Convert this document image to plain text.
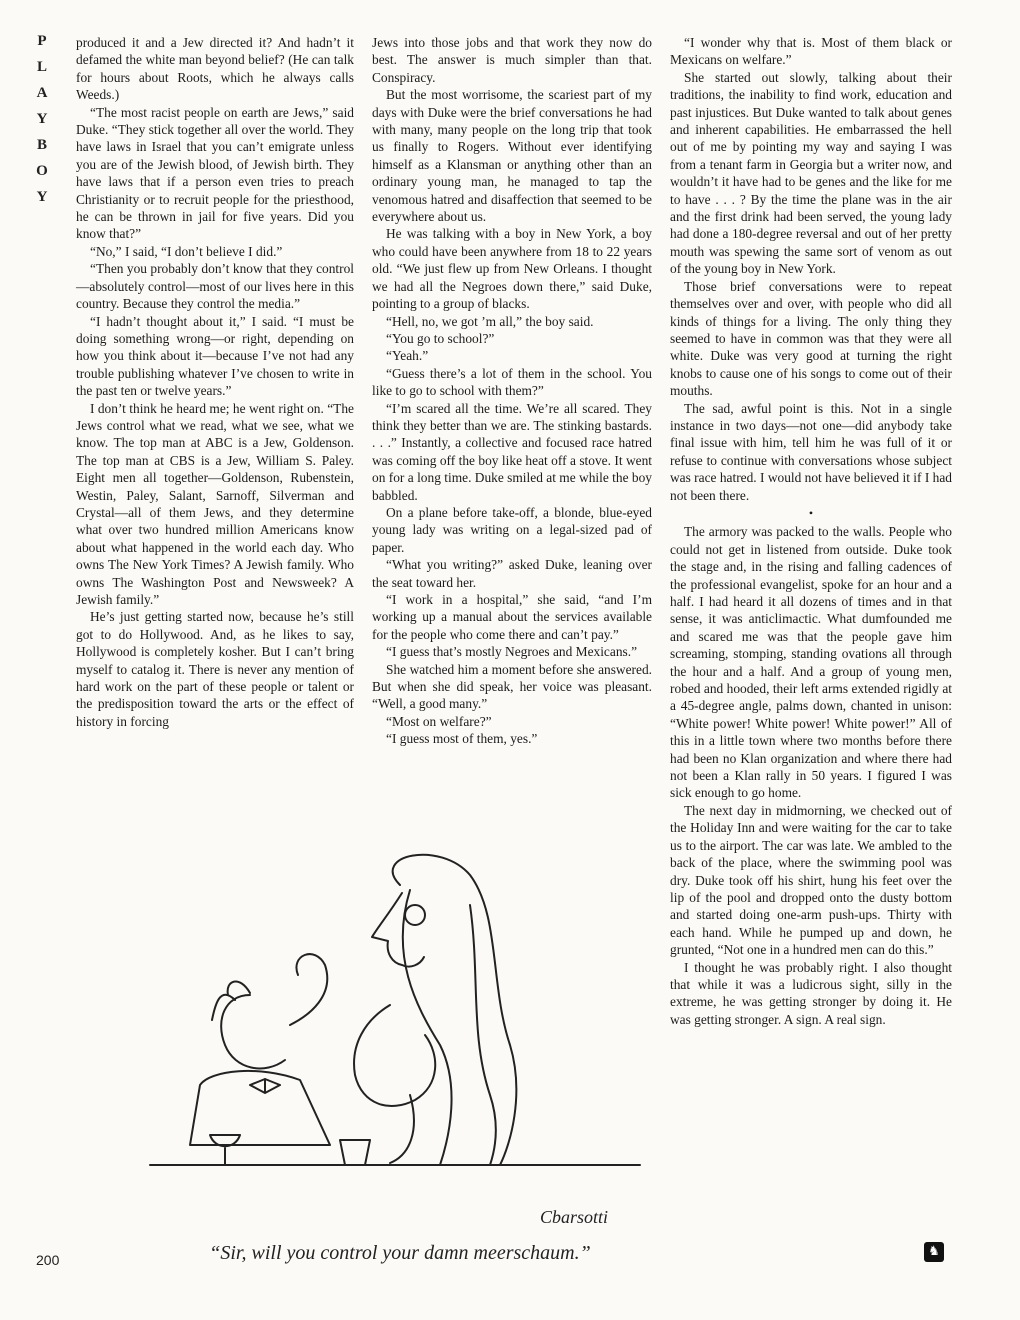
P
L
A
Y
B
O
Y

produced it and a Jew directed it? And hadn’t it defamed the white man beyond belief? (He can talk for hours about Roots, which he always calls Weeds.)

“The most racist people on earth are Jews,” said Duke. “They stick together all over the world. They have laws in Israel that you can’t emigrate unless you are of the Jewish blood, of Jewish birth. They have laws that if a person even tries to preach Christianity or to recruit people for the priesthood, he can be thrown in jail for five years. Did you know that?”

“No,” I said, “I don’t believe I did.”

“Then you probably don’t know that they control—absolutely control—most of our lives here in this country. Because they control the media.”

“I hadn’t thought about it,” I said. “I must be doing something wrong—or right, depending on how you think about it—because I’ve not had any trouble publishing whatever I’ve chosen to write in the past ten or twelve years.”

I don’t think he heard me; he went right on. “The Jews control what we read, what we see, what we know. The top man at ABC is a Jew, Goldenson. The top man at CBS is a Jew, William S. Paley. Eight men all together—Goldenson, Rubenstein, Westin, Paley, Salant, Sarnoff, Silverman and Crystal—all of them Jews, and they determine what over two hundred million Americans know about what happened in the world each day. Who owns The New York Times? A Jewish family. Who owns The Washington Post and Newsweek? A Jewish family.”

He’s just getting started now, because he’s still got to do Hollywood. And, as he likes to say, Hollywood is completely kosher. But I can’t bring myself to catalog it. There is never any mention of hard work on the part of these people or talent or the predisposition toward the arts or the effect of history in forcing

Jews into those jobs and that work they now do best. The answer is much simpler than that. Conspiracy.

But the most worrisome, the scariest part of my days with Duke were the brief conversations he had with many, many people on the long trip that took us finally to Rogers. Without ever identifying himself as a Klansman or anything other than an ordinary young man, he managed to tap the venomous hatred and disaffection that seemed to be everywhere about us.

He was talking with a boy in New York, a boy who could have been anywhere from 18 to 22 years old. “We just flew up from New Orleans. I thought we had all the Negroes down there,” said Duke, pointing to a group of blacks.

“Hell, no, we got ’m all,” the boy said.

“You go to school?”

“Yeah.”

“Guess there’s a lot of them in the school. You like to go to school with them?”

“I’m scared all the time. We’re all scared. They think they better than we are. The stinking bastards. . . .” Instantly, a collective and focused race hatred was coming off the boy like heat off a stove. It went on for a long time. Duke smiled at me while the boy babbled.

On a plane before take-off, a blonde, blue-eyed young lady was writing on a legal-sized pad of paper.

“What you writing?” asked Duke, leaning over the seat toward her.

“I work in a hospital,” she said, “and I’m working up a manual about the services available for the people who come there and can’t pay.”

“I guess that’s mostly Negroes and Mexicans.”

She watched him a moment before she answered. But when she did speak, her voice was pleasant. “Well, a good many.”

“Most on welfare?”

“I guess most of them, yes.”

“I wonder why that is. Most of them black or Mexicans on welfare.”

She started out slowly, talking about their traditions, the inability to find work, education and past injustices. But Duke wanted to talk about genes and inherent capabilities. He embarrassed the hell out of me by pointing my way and saying I was from a tenant farm in Georgia but a writer now, and wouldn’t it have had to be genes and the like for me to have . . . ? By the time the plane was in the air and the first drink had been served, the young lady had done a 180-degree reversal and out of her pretty mouth was spewing the same sort of venom as out of the young boy in New York.

Those brief conversations were to repeat themselves over and over, with people who did all kinds of things for a living. The only thing they seemed to have in common was that they were all white. Duke was very good at turning the right knobs to cause one of his songs to come out of their mouths.

The sad, awful point is this. Not in a single instance in two days—not one—did anybody take final issue with him, tell him he was full of it or refuse to continue with conversations whose subject was race hatred. I would not have believed it if I had not been there.

•

The armory was packed to the walls. People who could not get in listened from outside. Duke took the stage and, in the rising and falling cadences of the professional evangelist, spoke for an hour and a half. I had heard it all dozens of times and in that sense, it was anticlimactic. What dumfounded me and scared me was that the people gave him screaming, stomping, standing ovations all through the hour and a half. And a group of young men, robed and hooded, their left arms extended rigidly at a 45-degree angle, palms down, chanted in unison: “White power! White power! White power!” All of this in a little town where two months before there had been no Klan organization and where there had not been a Klan rally in 50 years. I figured I was sick enough to go home.

The next day in midmorning, we checked out of the Holiday Inn and were waiting for the car to take us to the airport. The car was late. We ambled to the back of the place, where the swimming pool was dry. Duke took off his shirt, hung his feet over the lip of the pool and dropped onto the dusty bottom and started doing one-arm push-ups. Thirty with each hand. While he pumped up and down, he grunted, “Not one in a hundred men can do this.”

I thought he was probably right. I also thought that while it was a ludicrous sight, silly in the extreme, he was getting stronger by doing it. He was getting stronger. A sign. A real sign.

Cbarsotti
“Sir, will you control your damn meerschaum.”
200
♞
